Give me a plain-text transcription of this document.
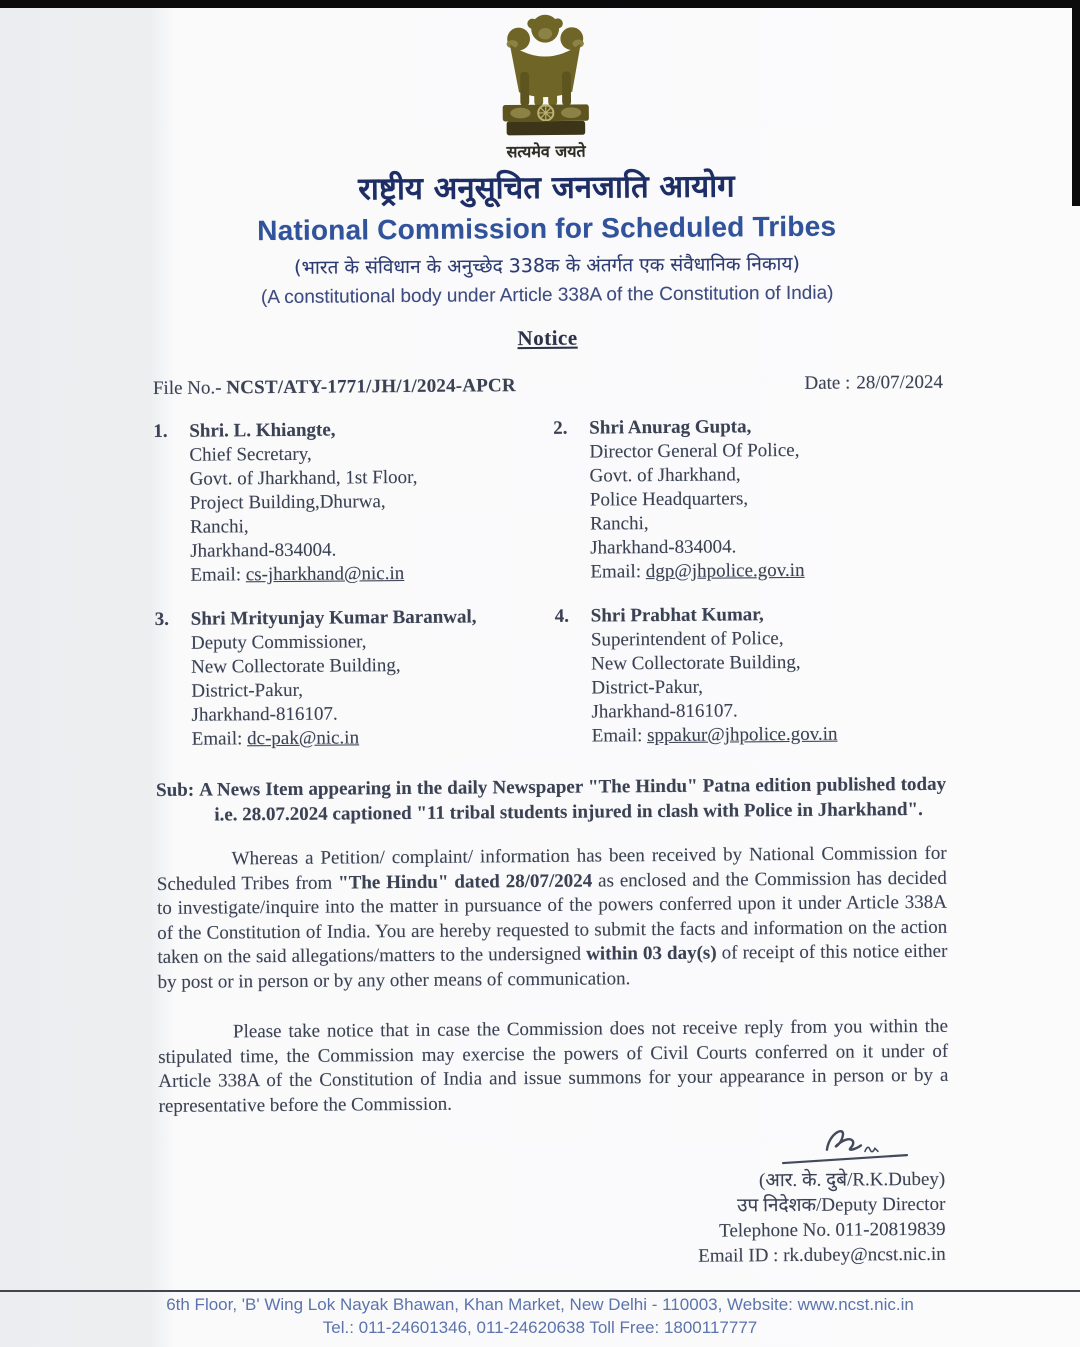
सत्यमेव जयते
राष्ट्रीय अनुसूचित जनजाति आयोग
National Commission for Scheduled Tribes
(भारत के संविधान के अनुच्छेद 338क के अंतर्गत एक संवैधानिक निकाय)
(A constitutional body under Article 338A of the Constitution of India)
Notice
File No.- NCST/ATY-1771/JH/1/2024-APCR	Date : 28/07/2024
1.	Shri. L. Khiangte,
Chief Secretary,
Govt. of Jharkhand, 1st Floor,
Project Building,Dhurwa,
Ranchi,
Jharkhand-834004.
Email: cs-jharkhand@nic.in
2.	Shri Anurag Gupta,
Director General Of Police,
Govt. of Jharkhand,
Police Headquarters,
Ranchi,
Jharkhand-834004.
Email: dgp@jhpolice.gov.in
3.	Shri Mrityunjay Kumar Baranwal,
Deputy Commissioner,
New Collectorate Building,
District-Pakur,
Jharkhand-816107.
Email: dc-pak@nic.in
4.	Shri Prabhat Kumar,
Superintendent of Police,
New Collectorate Building,
District-Pakur,
Jharkhand-816107.
Email: sppakur@jhpolice.gov.in
Sub: A News Item appearing in the daily Newspaper "The Hindu" Patna edition published today i.e. 28.07.2024 captioned "11 tribal students injured in clash with Police in Jharkhand".

Whereas a Petition/ complaint/ information has been received by National Commission for Scheduled Tribes from "The Hindu" dated 28/07/2024 as enclosed and the Commission has decided to investigate/inquire into the matter in pursuance of the powers conferred upon it under Article 338A of the Constitution of India. You are hereby requested to submit the facts and information on the action taken on the said allegations/matters to the undersigned within 03 day(s) of receipt of this notice either by post or in person or by any other means of communication.

Please take notice that in case the Commission does not receive reply from you within the stipulated time, the Commission may exercise the powers of Civil Courts conferred on it under of Article 338A of the Constitution of India and issue summons for your appearance in person or by a representative before the Commission.

(आर. के. दुबे/R.K.Dubey)
उप निदेशक/Deputy Director
Telephone No. 011-20819839
Email ID : rk.dubey@ncst.nic.in
6th Floor, 'B' Wing Lok Nayak Bhawan, Khan Market, New Delhi - 110003, Website: www.ncst.nic.in
Tel.: 011-24601346, 011-24620638 Toll Free: 1800117777
